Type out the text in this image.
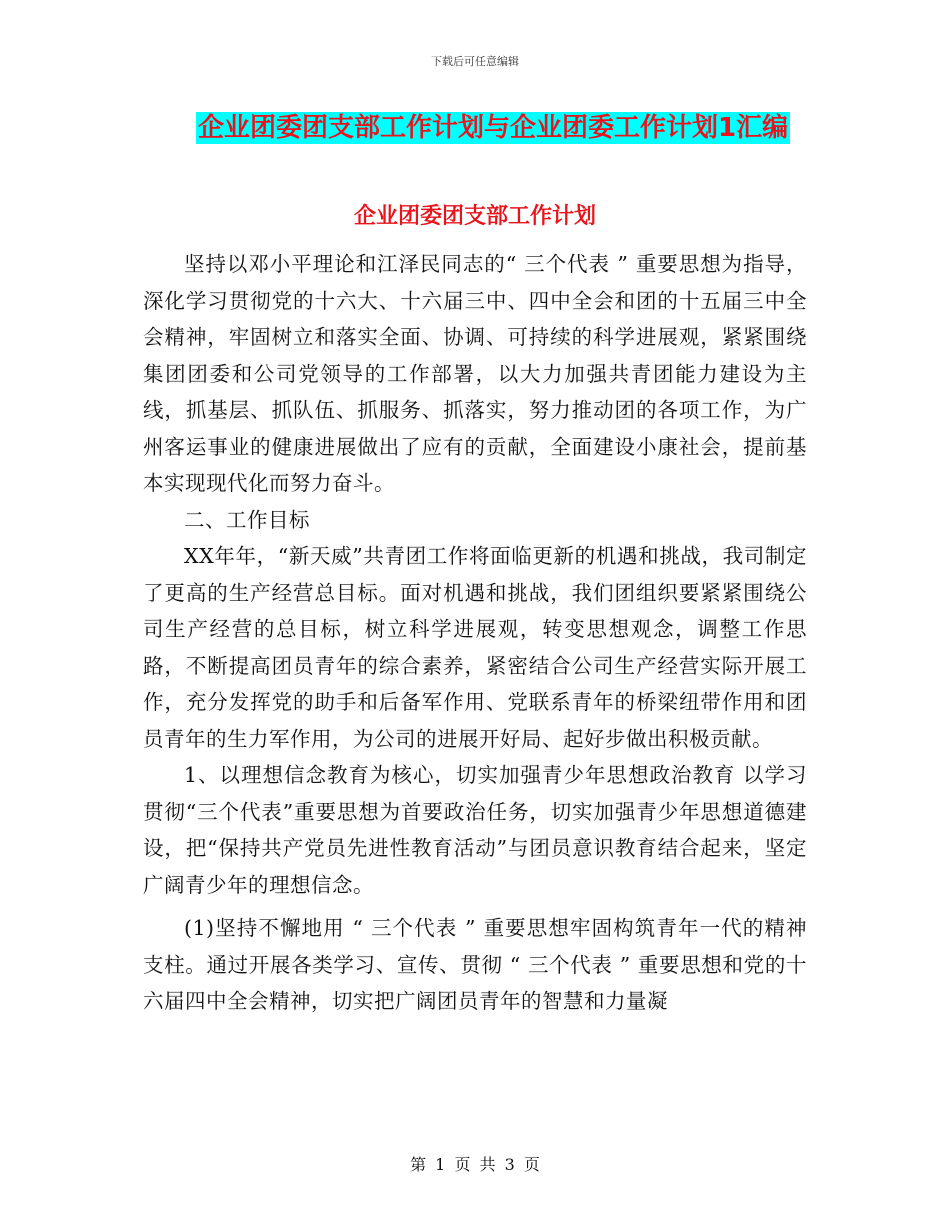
下载后可任意编辑
企业团委团支部工作计划与企业团委工作计划1汇编
企业团委团支部工作计划

坚持以邓小平理论和江泽民同志的“ 三个代表 ” 重要思想为指导，深化学习贯彻党的十六大、十六届三中、四中全会和团的十五届三中全会精神，牢固树立和落实全面、协调、可持续的科学进展观，紧紧围绕集团团委和公司党领导的工作部署，以大力加强共青团能力建设为主线，抓基层、抓队伍、抓服务、抓落实，努力推动团的各项工作，为广州客运事业的健康进展做出了应有的贡献，全面建设小康社会，提前基本实现现代化而努力奋斗。

二、工作目标

XX年年，“新天威”共青团工作将面临更新的机遇和挑战，我司制定了更高的生产经营总目标。面对机遇和挑战，我们团组织要紧紧围绕公司生产经营的总目标，树立科学进展观，转变思想观念，调整工作思路，不断提高团员青年的综合素养，紧密结合公司生产经营实际开展工作，充分发挥党的助手和后备军作用、党联系青年的桥梁纽带作用和团员青年的生力军作用，为公司的进展开好局、起好步做出积极贡献。

1、以理想信念教育为核心，切实加强青少年思想政治教育 以学习贯彻“三个代表”重要思想为首要政治任务，切实加强青少年思想道德建设，把“保持共产党员先进性教育活动”与团员意识教育结合起来，坚定广阔青少年的理想信念。

(1)坚持不懈地用 “ 三个代表 ” 重要思想牢固构筑青年一代的精神支柱。通过开展各类学习、宣传、贯彻 “ 三个代表 ” 重要思想和党的十六届四中全会精神，切实把广阔团员青年的智慧和力量凝

第 1 页 共 3 页
